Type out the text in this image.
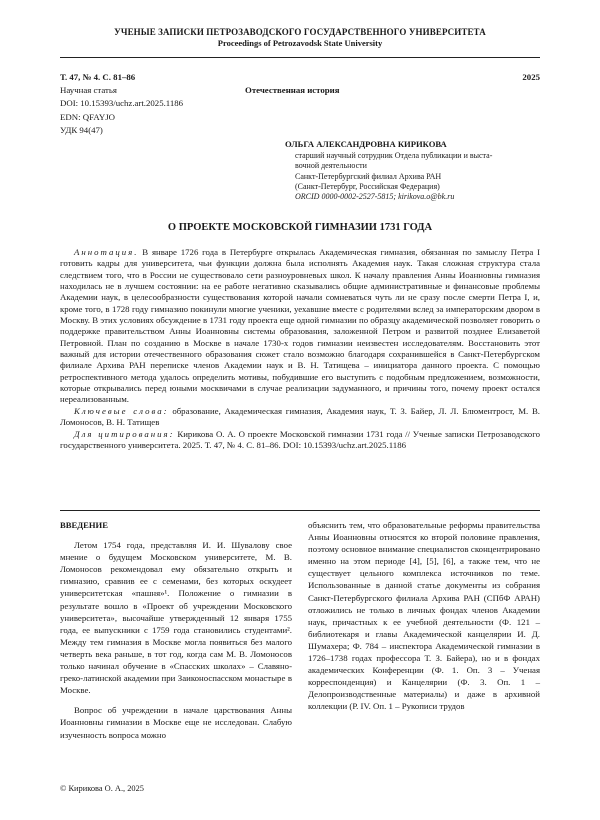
УЧЕНЫЕ ЗАПИСКИ ПЕТРОЗАВОДСКОГО ГОСУДАРСТВЕННОГО УНИВЕРСИТЕТА
Proceedings of Petrozavodsk State University
Т. 47, № 4. С. 81–86	2025
Научная статья	Отечественная история
DOI: 10.15393/uchz.art.2025.1186
EDN: QFAYJO
УДК 94(47)
ОЛЬГА АЛЕКСАНДРОВНА КИРИКОВА
старший научный сотрудник Отдела публикации и выста-
вочной деятельности
Санкт-Петербургский филиал Архива РАН
(Санкт-Петербург, Российская Федерация)
ORCID 0000-0002-2527-5815; kirikova.o@bk.ru
О ПРОЕКТЕ МОСКОВСКОЙ ГИМНАЗИИ 1731 ГОДА

Аннотация. В январе 1726 года в Петербурге открылась Академическая гимназия, обязанная по замыслу Петра I готовить кадры для университета, чьи функции должна была исполнять Академия наук. Такая сложная структура стала следствием того, что в России не существовало сети разноуровневых школ. К началу правления Анны Иоанновны гимназия находилась не в лучшем состоянии: на ее работе негативно сказывались общие административные и финансовые проблемы Академии наук, в целесообразности существования которой начали сомневаться чуть ли не сразу после смерти Петра I, и, кроме того, в 1728 году гимназию покинули многие ученики, уехавшие вместе с родителями вслед за императорским двором в Москву. В этих условиях обсуждение в 1731 году проекта еще одной гимназии по образцу академической позволяет говорить о поддержке правительством Анны Иоанновны системы образования, заложенной Петром и развитой позднее Елизаветой Петровной. План по созданию в Москве в начале 1730-х годов гимназии неизвестен исследователям. Восстановить этот важный для истории отечественного образования сюжет стало возможно благодаря сохранившейся в Санкт-Петербургском филиале Архива РАН переписке членов Академии наук и В. Н. Татищева – инициатора данного проекта. С помощью ретроспективного метода удалось определить мотивы, побудившие его выступить с подобным предложением, возможности, которые открывались перед юными москвичами в случае реализации задуманного, и причины того, почему проект остался нереализованным.

Ключевые слова: образование, Академическая гимназия, Академия наук, Т. З. Байер, Л. Л. Блюментрост, М. В. Ломоносов, В. Н. Татищев

Для цитирования: Кирикова О. А. О проекте Московской гимназии 1731 года // Ученые записки Петрозаводского государственного университета. 2025. Т. 47, № 4. С. 81–86. DOI: 10.15393/uchz.art.2025.1186

ВВЕДЕНИЕ

Летом 1754 года, представляя И. И. Шувалову свое мнение о будущем Московском университете, М. В. Ломоносов рекомендовал ему обязательно открыть и гимназию, сравнив ее с семенами, без которых оскудеет университетская «пашня»¹. Положение о гимназии в результате вошло в «Проект об учреждении Московского университета», высочайше утвержденный 12 января 1755 года, ее выпускники с 1759 года становились студентами². Между тем гимназия в Москве могла появиться без малого четверть века раньше, в тот год, когда сам М. В. Ломоносов только начинал обучение в «Спасских школах» – Славяно-греко-латинской академии при Заиконоспасском монастыре в Москве.

Вопрос об учреждении в начале царствования Анны Иоанновны гимназии в Москве еще не исследован. Слабую изученность вопроса можно

объяснить тем, что образовательные реформы правительства Анны Иоанновны относятся ко второй половине правления, поэтому основное внимание специалистов сконцентрировано именно на этом периоде [4], [5], [6], а также тем, что не существует цельного комплекса источников по теме. Использованные в данной статье документы из собрания Санкт-Петербургского филиала Архива РАН (СПбФ АРАН) отложились не только в личных фондах членов Академии наук, причастных к ее учебной деятельности (Ф. 121 – библиотекаря и главы Академической канцелярии И. Д. Шумахера; Ф. 784 – инспектора Академической гимназии в 1726–1738 годах профессора Т. З. Байера), но и в фондах академических Конференции (Ф. 1. Оп. 3 – Ученая корреспонденция) и Канцелярии (Ф. 3. Оп. 1 – Делопроизводственные материалы) и даже в архивной коллекции (Р. IV. Оп. 1 – Рукописи трудов

© Кирикова О. А., 2025
